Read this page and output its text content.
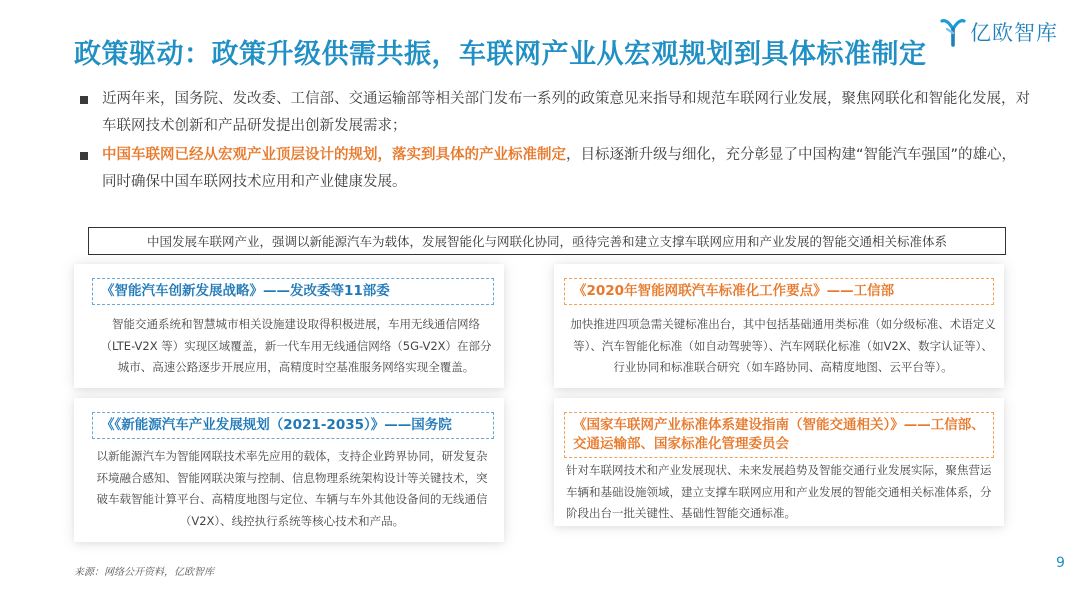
政策驱动：政策升级供需共振，车联网产业从宏观规划到具体标准制定
亿欧智库
近两年来，国务院、发改委、工信部、交通运输部等相关部门发布一系列的政策意见来指导和规范车联网行业发展，聚焦网联化和智能化发展，对车联网技术创新和产品研发提出创新发展需求；
中国车联网已经从宏观产业顶层设计的规划，落实到具体的产业标准制定，目标逐渐升级与细化，充分彰显了中国构建“智能汽车强国”的雄心，同时确保中国车联网技术应用和产业健康发展。
中国发展车联网产业，强调以新能源汽车为载体，发展智能化与网联化协同，亟待完善和建立支撑车联网应用和产业发展的智能交通相关标准体系
《智能汽车创新发展战略》——发改委等11部委
智能交通系统和智慧城市相关设施建设取得积极进展，车用无线通信网络（LTE-V2X 等）实现区域覆盖，新一代车用无线通信网络（5G-V2X）在部分城市、高速公路逐步开展应用，高精度时空基准服务网络实现全覆盖。
《2020年智能网联汽车标准化工作要点》——工信部
加快推进四项急需关键标准出台，其中包括基础通用类标准（如分级标准、术语定义等）、汽车智能化标准（如自动驾驶等）、汽车网联化标准（如V2X、数字认证等）、行业协同和标准联合研究（如车路协同、高精度地图、云平台等）。
《《新能源汽车产业发展规划（2021-2035）》——国务院
以新能源汽车为智能网联技术率先应用的载体，支持企业跨界协同，研发复杂环境融合感知、智能网联决策与控制、信息物理系统架构设计等关键技术，突破车载智能计算平台、高精度地图与定位、车辆与车外其他设备间的无线通信（V2X）、线控执行系统等核心技术和产品。
《国家车联网产业标准体系建设指南（智能交通相关）》——工信部、交通运输部、国家标准化管理委员会
针对车联网技术和产业发展现状、未来发展趋势及智能交通行业发展实际，聚焦营运车辆和基础设施领域，建立支撑车联网应用和产业发展的智能交通相关标准体系，分阶段出台一批关键性、基础性智能交通标准。
来源：网络公开资料，亿欧智库
9
